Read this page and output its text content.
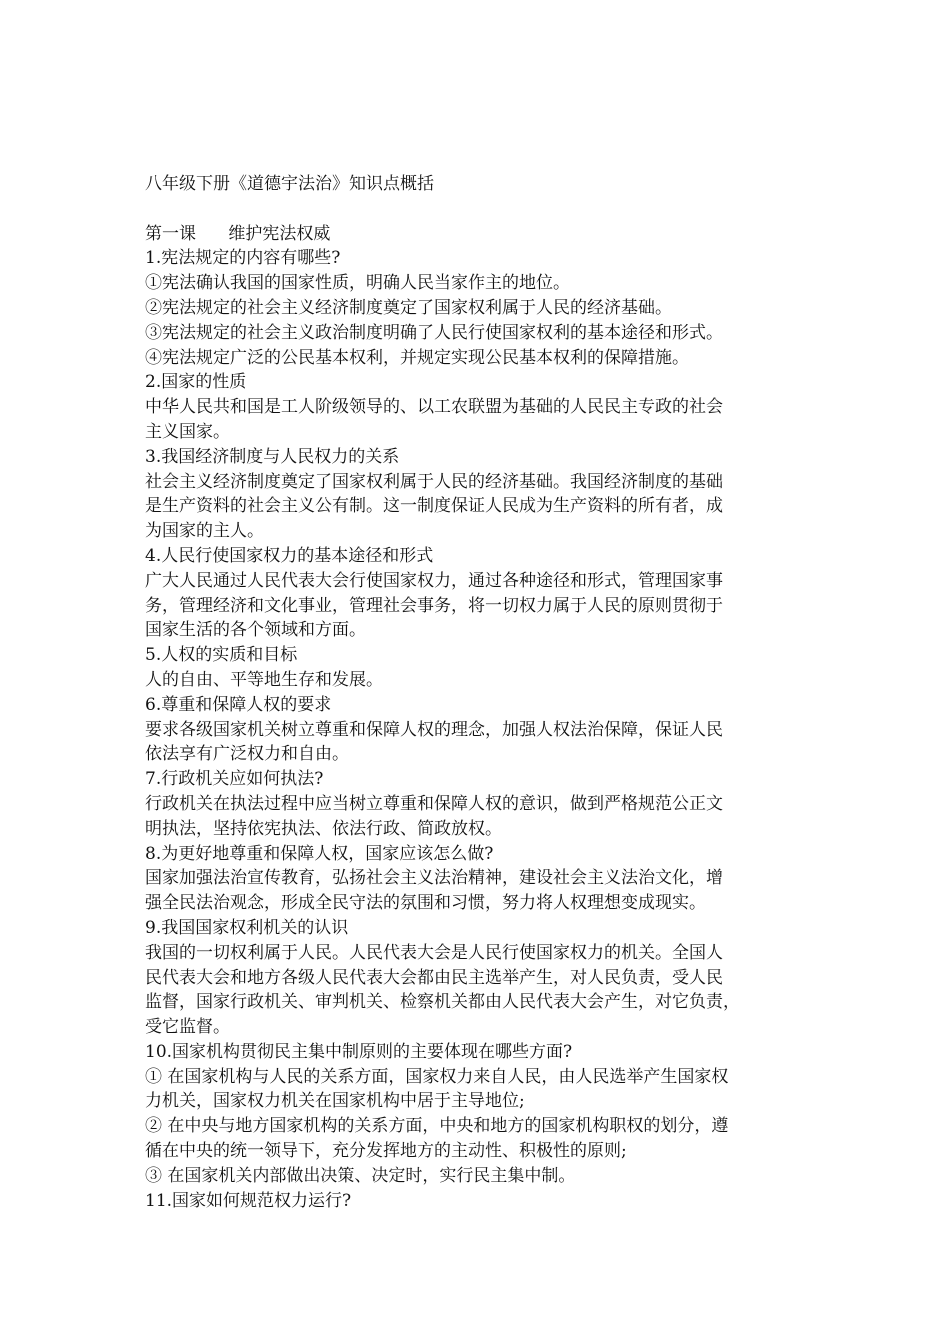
八年级下册《道德宇法治》知识点概括
第一课      维护宪法权威
1.宪法规定的内容有哪些?
①宪法确认我国的国家性质，明确人民当家作主的地位。
②宪法规定的社会主义经济制度奠定了国家权利属于人民的经济基础。
③宪法规定的社会主义政治制度明确了人民行使国家权利的基本途径和形式。
④宪法规定广泛的公民基本权利，并规定实现公民基本权利的保障措施。
2.国家的性质
中华人民共和国是工人阶级领导的、以工农联盟为基础的人民民主专政的社会
主义国家。
3.我国经济制度与人民权力的关系
社会主义经济制度奠定了国家权利属于人民的经济基础。我国经济制度的基础
是生产资料的社会主义公有制。这一制度保证人民成为生产资料的所有者，成
为国家的主人。
4.人民行使国家权力的基本途径和形式
广大人民通过人民代表大会行使国家权力，通过各种途径和形式，管理国家事
务，管理经济和文化事业，管理社会事务，将一切权力属于人民的原则贯彻于
国家生活的各个领域和方面。
5.人权的实质和目标
人的自由、平等地生存和发展。
6.尊重和保障人权的要求
要求各级国家机关树立尊重和保障人权的理念，加强人权法治保障，保证人民
依法享有广泛权力和自由。
7.行政机关应如何执法?
行政机关在执法过程中应当树立尊重和保障人权的意识，做到严格规范公正文
明执法，坚持依宪执法、依法行政、简政放权。
8.为更好地尊重和保障人权，国家应该怎么做?
国家加强法治宣传教育，弘扬社会主义法治精神，建设社会主义法治文化，增
强全民法治观念，形成全民守法的氛围和习惯，努力将人权理想变成现实。
9.我国国家权利机关的认识
我国的一切权利属于人民。人民代表大会是人民行使国家权力的机关。全国人
民代表大会和地方各级人民代表大会都由民主选举产生，对人民负责，受人民
监督，国家行政机关、审判机关、检察机关都由人民代表大会产生，对它负责，
受它监督。
10.国家机构贯彻民主集中制原则的主要体现在哪些方面?
① 在国家机构与人民的关系方面，国家权力来自人民，由人民选举产生国家权
力机关，国家权力机关在国家机构中居于主导地位;
② 在中央与地方国家机构的关系方面，中央和地方的国家机构职权的划分，遵
循在中央的统一领导下，充分发挥地方的主动性、积极性的原则;
③ 在国家机关内部做出决策、决定时，实行民主集中制。
11.国家如何规范权力运行?
